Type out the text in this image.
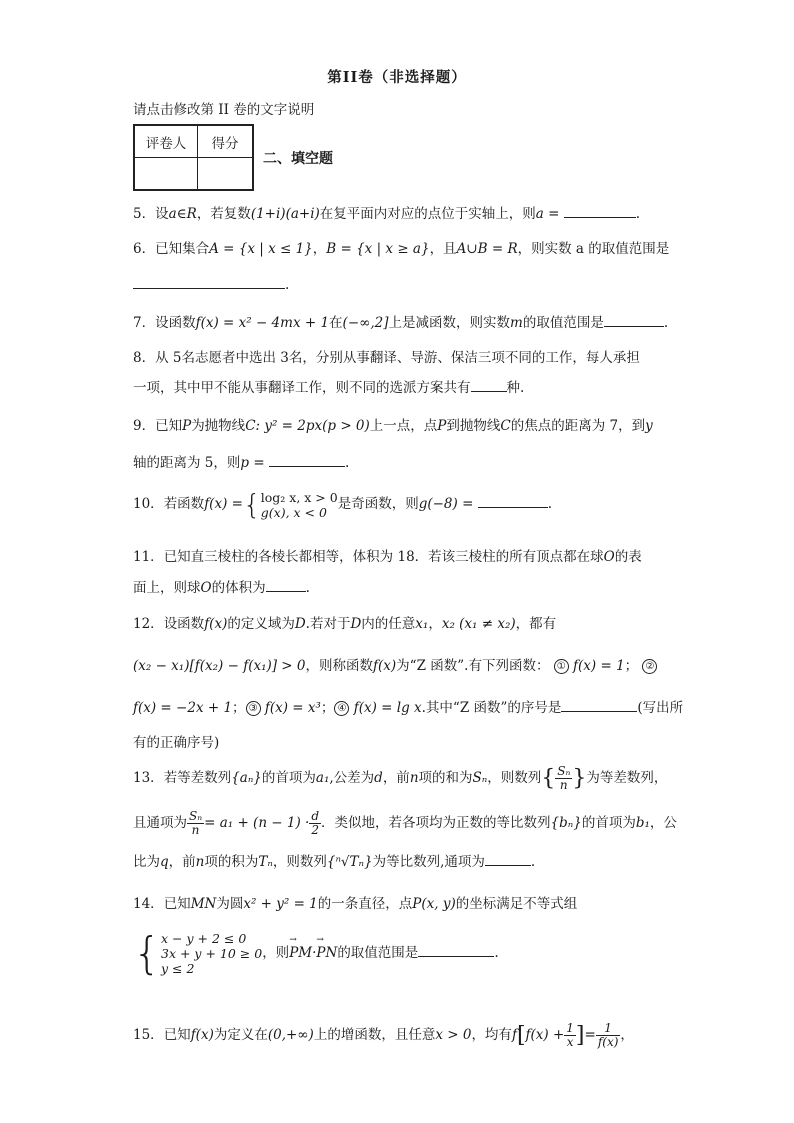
第II卷（非选择题）
请点击修改第 II 卷的文字说明
评卷人	得分

二、填空题
5．设a∈R，若复数(1+i)(a+i)在复平面内对应的点位于实轴上，则a =	.
6．已知集合A = {x | x ≤ 1}，B = {x | x ≥ a}，且A∪B = R，则实数 a 的取值范围是
.
7．设函数f(x) = x² − 4mx + 1在(−∞,2]上是减函数，则实数m的取值范围是	.
8．从 5名志愿者中选出 3名，分别从事翻译、导游、保洁三项不同的工作，每人承担
一项，其中甲不能从事翻译工作，则不同的选派方案共有	种.
9．已知P为抛物线C: y² = 2px(p > 0)上一点，点P到抛物线C的焦点的距离为 7，到y
轴的距离为 5，则p =	.
10．若函数f(x) ={ log₂ x, x > 0
g(x), x < 0 是奇函数，则g(−8) =	.
11．已知直三棱柱的各棱长都相等，体积为 18．若该三棱柱的所有顶点都在球O的表
面上，则球O的体积为	.
12．设函数f(x)的定义域为D.若对于D内的任意x₁，x₂ (x₁ ≠ x₂)，都有
(x₂ − x₁)[f(x₂) − f(x₁)] > 0，则称函数f(x)为“Z 函数”.有下列函数： ① f(x) = 1； ②
f(x) = −2x + 1； ③ f(x) = x³； ④ f(x) = lg x.其中“Z 函数”的序号是	(写出所
有的正确序号)
13．若等差数列{aₙ}的首项为a₁,公差为d，前n项的和为Sₙ，则数列{ $\frac{\text{Sₙ}}{n}$ }为等差数列，
且通项为 $\frac{\text{Sₙ}}{n} = a_1 + (n - 1) \cdot \frac{d}{2}$ ．类似地，若各项均为正数的等比数列{bₙ}的首项为b₁，公
比为q，前n项的积为Tₙ，则数列{ⁿ√Tₙ}为等比数列,通项为	.
14．已知MN为圆x² + y² = 1的一条直径，点P(x, y)的坐标满足不等式组
{ x − y + 2 ≤ 0
3x + y + 10 ≥ 0
y ≤ 2
，则→ PM·→ PN的取值范围是	.
15．已知f(x)为定义在(0,+∞)上的增函数，且任意x > 0，均有$f[f(x) + \frac{1}{x}$ ]= $\frac{1}{f(x)}$ ，
